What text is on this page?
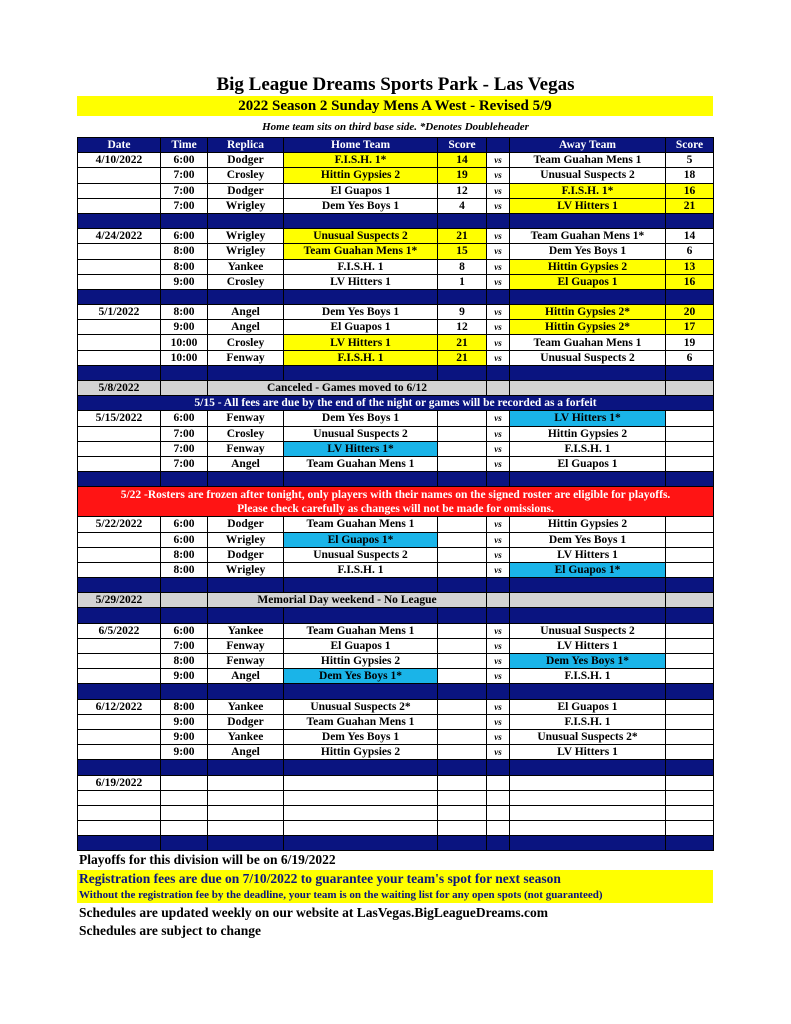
Big League Dreams Sports Park - Las Vegas
2022 Season 2 Sunday Mens A West - Revised 5/9
Home team sits on third base side. *Denotes Doubleheader
Date	Time	Replica	Home Team	Score		Away Team	Score
4/10/2022	6:00	Dodger	F.I.S.H. 1*	14	vs	Team Guahan Mens 1	5
	7:00	Crosley	Hittin Gypsies 2	19	vs	Unusual Suspects 2	18
	7:00	Dodger	El Guapos 1	12	vs	F.I.S.H. 1*	16
	7:00	Wrigley	Dem Yes Boys 1	4	vs	LV Hitters 1	21

4/24/2022	6:00	Wrigley	Unusual Suspects 2	21	vs	Team Guahan Mens 1*	14
	8:00	Wrigley	Team Guahan Mens 1*	15	vs	Dem Yes Boys 1	6
	8:00	Yankee	F.I.S.H. 1	8	vs	Hittin Gypsies 2	13
	9:00	Crosley	LV Hitters 1	1	vs	El Guapos 1	16

5/1/2022	8:00	Angel	Dem Yes Boys 1	9	vs	Hittin Gypsies 2*	20
	9:00	Angel	El Guapos 1	12	vs	Hittin Gypsies 2*	17
	10:00	Crosley	LV Hitters 1	21	vs	Team Guahan Mens 1	19
	10:00	Fenway	F.I.S.H. 1	21	vs	Unusual Suspects 2	6

5/8/2022		Canceled - Games moved to 6/12					
5/15 - All fees are due by the end of the night or games will be recorded as a forfeit							
5/15/2022	6:00	Fenway	Dem Yes Boys 1		vs	LV Hitters 1*	
	7:00	Crosley	Unusual Suspects 2		vs	Hittin Gypsies 2	
	7:00	Fenway	LV Hitters 1*		vs	F.I.S.H. 1	
	7:00	Angel	Team Guahan Mens 1		vs	El Guapos 1	

5/22 -Rosters are frozen after tonight, only players with their names on the signed roster are eligible for playoffs.
Please check carefully as changes will not be made for omissions.							

5/22/2022	6:00	Dodger	Team Guahan Mens 1		vs	Hittin Gypsies 2	
	6:00	Wrigley	El Guapos 1*		vs	Dem Yes Boys 1	
	8:00	Dodger	Unusual Suspects 2		vs	LV Hitters 1	
	8:00	Wrigley	F.I.S.H. 1		vs	El Guapos 1*	

5/29/2022		Memorial Day weekend - No League					

6/5/2022	6:00	Yankee	Team Guahan Mens 1		vs	Unusual Suspects 2	
	7:00	Fenway	El Guapos 1		vs	LV Hitters 1	
	8:00	Fenway	Hittin Gypsies 2		vs	Dem Yes Boys 1*	
	9:00	Angel	Dem Yes Boys 1*		vs	F.I.S.H. 1	

6/12/2022	8:00	Yankee	Unusual Suspects 2*		vs	El Guapos 1	
	9:00	Dodger	Team Guahan Mens 1		vs	F.I.S.H. 1	
	9:00	Yankee	Dem Yes Boys 1		vs	Unusual Suspects 2*	
	9:00	Angel	Hittin Gypsies 2		vs	LV Hitters 1	

6/19/2022							

Playoffs for this division will be on 6/19/2022
Registration fees are due on 7/10/2022 to guarantee your team's spot for next season
Without the registration fee by the deadline, your team is on the waiting list for any open spots (not guaranteed)
Schedules are updated weekly on our website at LasVegas.BigLeagueDreams.com
Schedules are subject to change
